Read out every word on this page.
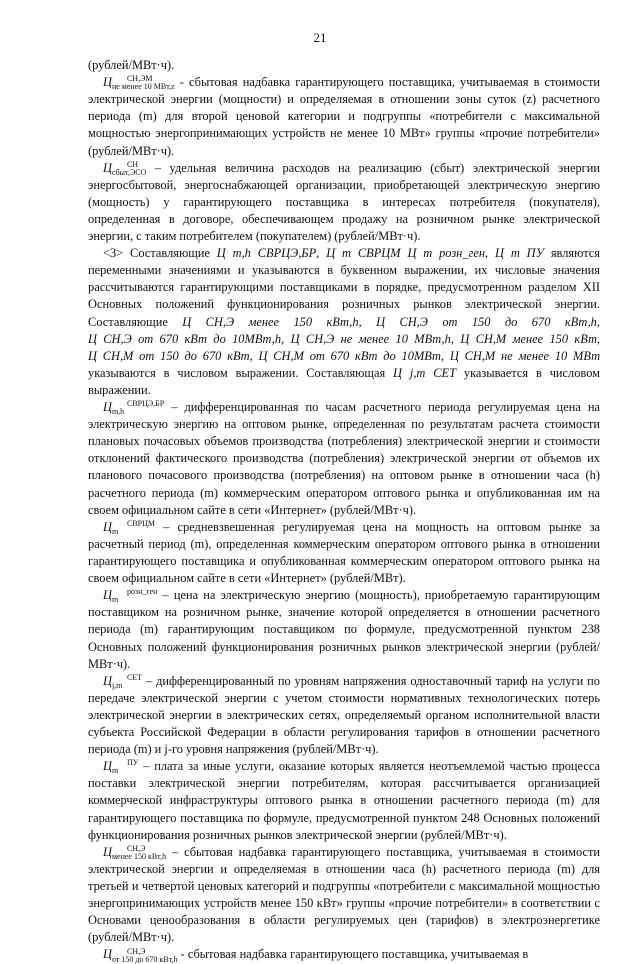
21

(рублей/МВт·ч).

Ц СН,ЭМ
не менее 10 МВт,z - сбытовая надбавка гарантирующего поставщика, учитываемая в стоимости электрической энергии (мощности) и определяемая в отношении зоны суток (z) расчетного периода (m) для второй ценовой категории и подгруппы «потребители с максимальной мощностью энергопринимающих устройств не менее 10 МВт» группы «прочие потребители» (рублей/МВт·ч).

Ц СН
сбыт,ЭСО – удельная величина расходов на реализацию (сбыт) электрической энергии энергосбытовой, энергоснабжающей организации, приобретающей электрическую энергию (мощность) у гарантирующего поставщика в интересах потребителя (покупателя), определенная в договоре, обеспечивающем продажу на розничном рынке электрической энергии, с таким потребителем (покупателем) (рублей/МВт·ч).

<3> Составляющие Ц m,h СВРЦЭ,БР, Ц m СВРЦМ Ц m розн_ген, Ц m ПУ являются переменными значениями и указываются в буквенном выражении, их числовые значения рассчитываются гарантирующими поставщиками в порядке, предусмотренном разделом XII Основных положений функционирования розничных рынков электрической энергии. Составляющие Ц СН,Э менее 150 кВт,h, Ц СН,Э от 150 до 670 кВт,h, Ц СН,Э от 670 кВт до 10МВт,h, Ц СН,Э не менее 10 МВт,h, Ц СН,М менее 150 кВт, Ц СН,М от 150 до 670 кВт, Ц СН,М от 670 кВт до 10МВт, Ц СН,М не менее 10 МВт указываются в числовом выражении. Составляющая Ц j,m СЕТ указывается в числовом выражении.

Ц СВРЦЭ,БР
m,h	– дифференцированная по часам расчетного периода регулируемая цена на электрическую энергию на оптовом рынке, определенная по результатам расчета стоимости плановых почасовых объемов производства (потребления) электрической энергии и стоимости отклонений фактического производства (потребления) электрической энергии от объемов их планового почасового производства (потребления) на оптовом рынке в отношении часа (h) расчетного периода (m) коммерческим оператором оптового рынка и опубликованная им на своем официальном сайте в сети «Интернет» (рублей/МВт·ч).

Ц СВРЦМ
m	– средневзвешенная регулируемая цена на мощность на оптовом рынке за расчетный период (m), определенная коммерческим оператором оптового рынка в отношении гарантирующего поставщика и опубликованная коммерческим оператором оптового рынка на своем официальном сайте в сети «Интернет» (рублей/МВт).

Ц розн_ген
m	– цена на электрическую энергию (мощность), приобретаемую гарантирующим поставщиком на розничном рынке, значение которой определяется в отношении расчетного периода (m) гарантирующим поставщиком по формуле, предусмотренной пунктом 238 Основных положений функционирования розничных рынков электрической энергии (рублей/МВт·ч).

Ц СЕТ
j,m – дифференцированный по уровням напряжения одноставочный тариф на услуги по передаче электрической энергии с учетом стоимости нормативных технологических потерь электрической энергии в электрических сетях, определяемый органом исполнительной власти субъекта Российской Федерации в области регулирования тарифов в отношении расчетного периода (m) и j-го уровня напряжения (рублей/МВт·ч).

Ц ПУ
m – плата за иные услуги, оказание которых является неотъемлемой частью процесса поставки электрической энергии потребителям, которая рассчитывается организацией коммерческой инфраструктуры оптового рынка в отношении расчетного периода (m) для гарантирующего поставщика по формуле, предусмотренной пунктом 248 Основных положений функционирования розничных рынков электрической энергии (рублей/МВт·ч).

Ц СН,Э
менее 150 кВт,h – сбытовая надбавка гарантирующего поставщика, учитываемая в стоимости электрической энергии и определяемая в отношении часа (h) расчетного периода (m) для третьей и четвертой ценовых категорий и подгруппы «потребители с максимальной мощностью энергопринимающих устройств менее 150 кВт» группы «прочие потребители» в соответствии с Основами ценообразования в области регулируемых цен (тарифов) в электроэнергетике (рублей/МВт·ч).

Ц СН,Э
от 150 до 670 кВт,h - сбытовая надбавка гарантирующего поставщика, учитываемая в
